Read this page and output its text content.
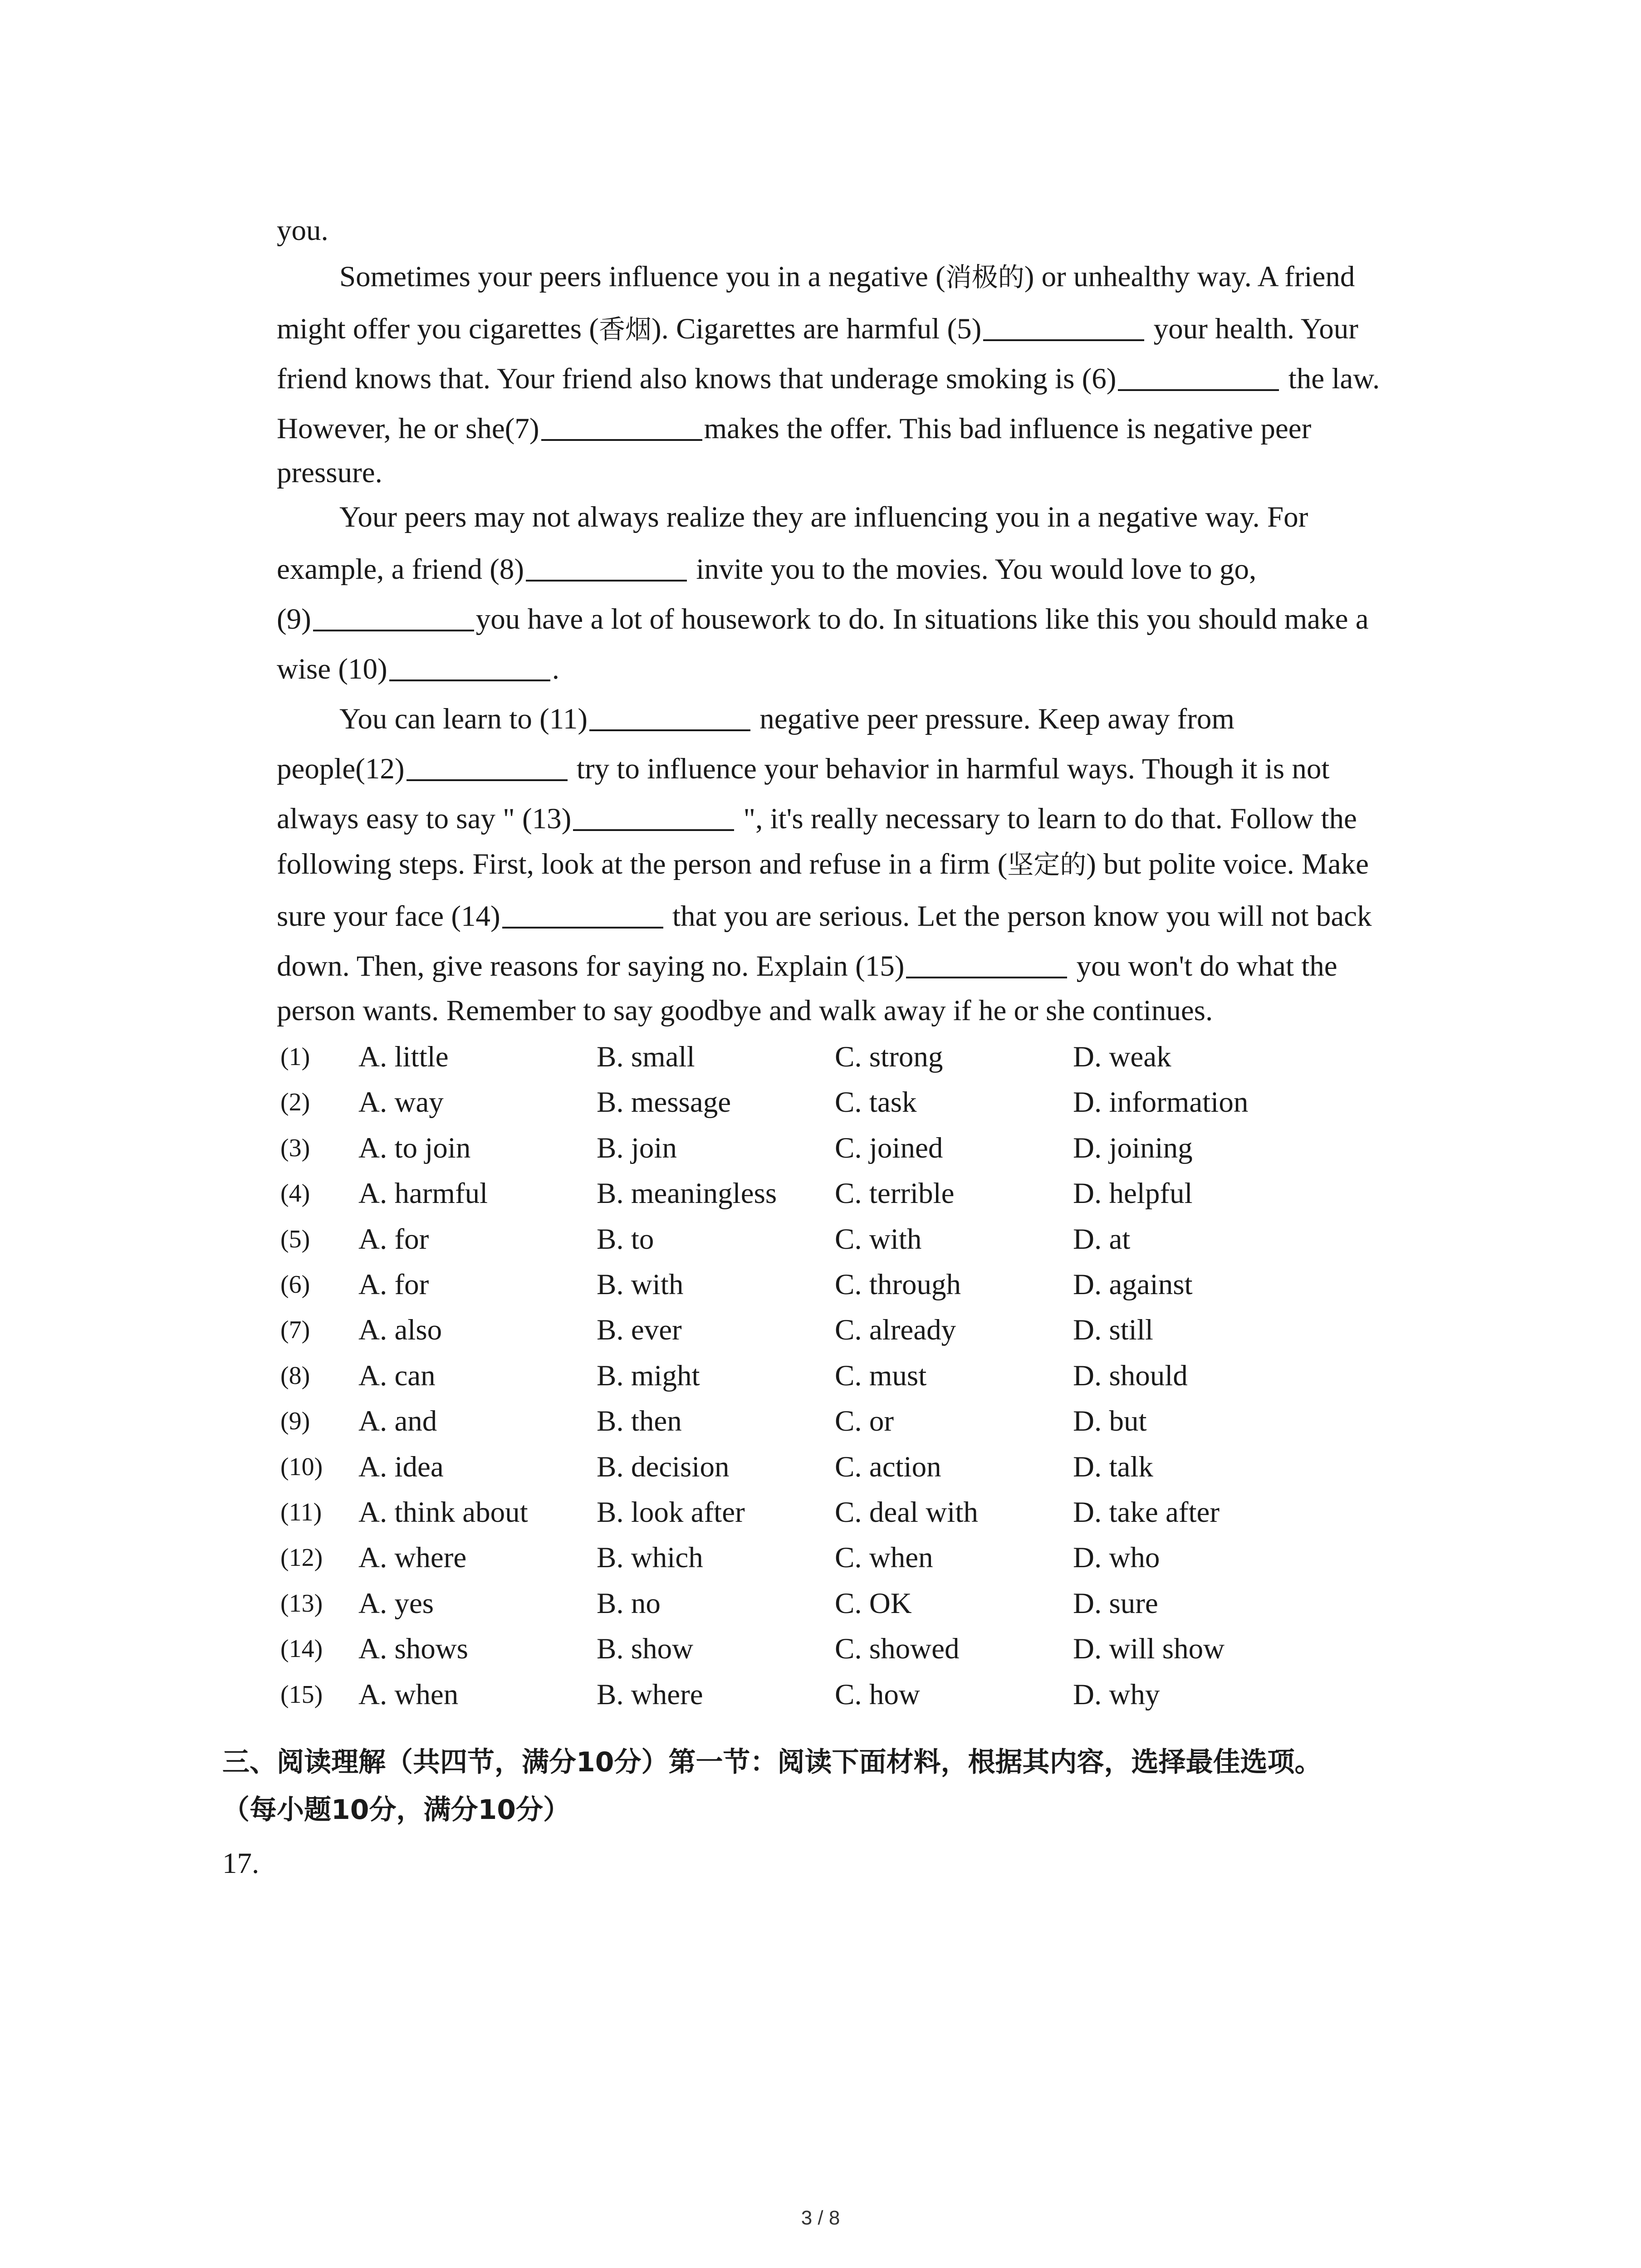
you.
Sometimes your peers influence you in a negative (消极的) or unhealthy way. A friend
might offer you cigarettes (香烟). Cigarettes are harmful (5)	your health. Your
friend knows that. Your friend also knows that underage smoking is (6)	the law.
However, he or she(7)	makes the offer. This bad influence is negative peer
pressure.
Your peers may not always realize they are influencing you in a negative way. For
example, a friend (8)	invite you to the movies. You would love to go,
(9)	you have a lot of housework to do. In situations like this you should make a
wise (10)	.
You can learn to (11)	negative peer pressure. Keep away from
people(12)	try to influence your behavior in harmful ways. Though it is not
always easy to say " (13)	", it's really necessary to learn to do that. Follow the
following steps. First, look at the person and refuse in a firm (坚定的) but polite voice. Make
sure your face (14)	that you are serious. Let the person know you will not back
down. Then, give reasons for saying no. Explain (15)	you won't do what the
person wants. Remember to say goodbye and walk away if he or she continues.
(1) A. little	B. small	C. strong	D. weak
(2) A. way	B. message	C. task	D. information
(3) A. to join	B. join	C. joined	D. joining
(4) A. harmful	B. meaningless C. terrible	D. helpful
(5) A. for	B. to	C. with	D. at
(6) A. for	B. with	C. through	D. against
(7) A. also	B. ever	C. already	D. still
(8) A. can	B. might	C. must	D. should
(9) A. and	B. then	C. or	D. but
(10) A. idea	B. decision	C. action	D. talk
(11) A. think about B. look after	C. deal with	D. take after
(12) A. where	B. which	C. when	D. who
(13) A. yes	B. no	C. OK	D. sure
(14) A. shows	B. show	C. showed	D. will show
(15) A. when	B. where	C. how	D. why
三、阅读理解（共四节，满分10分）第一节：阅读下面材料，根据其内容，选择最佳选项。
（每小题10分，满分10分）
17.
3 / 8
